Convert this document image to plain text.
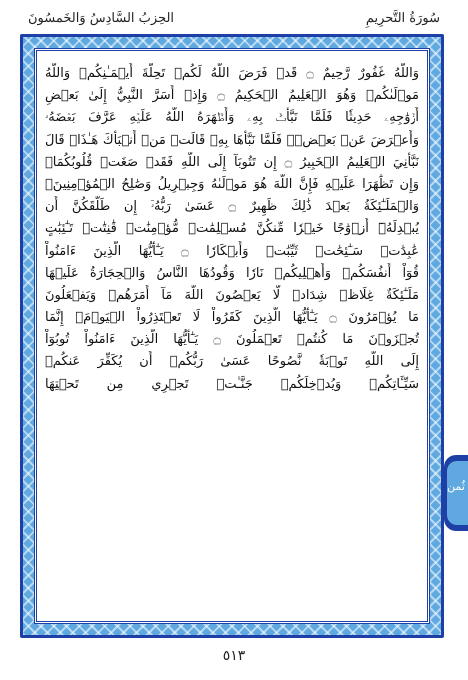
سُورَةُ التَّحرِيمِ
الحِزبُ السَّادِسُ وَالخَمسُونَ
وَاللَّهُ غَفُورٌ رَّحِيمٌ ۝ قَدۡ فَرَضَ اللَّهُ لَكُمۡ تَحِلَّةَ أَيۡمَـٰنِكُمۡ وَاللَّهُ
مَوۡلَىٰكُمۡ وَهُوَ الۡعَلِيمُ الۡحَكِيمُ ۝ وَإِذۡ أَسَرَّ النَّبِيُّ إِلَىٰ بَعۡضِ
أَزۡوَٰجِهِۦ حَدِيثٗا فَلَمَّا نَبَّأَتۡ بِهِۦ وَأَظۡهَرَهُ اللَّهُ عَلَيۡهِ عَرَّفَ بَعۡضَهُۥ
وَأَعۡرَضَ عَنۢ بَعۡضٖۖ فَلَمَّا نَبَّأَهَا بِهِۦ قَالَتۡ مَنۡ أَنۢبَأَكَ هَـٰذَاۖ قَالَ
نَبَّأَنِيَ الۡعَلِيمُ الۡخَبِيرُ ۝ إِن تَتُوبَآ إِلَى اللَّهِ فَقَدۡ صَغَتۡ قُلُوبُكُمَاۖ
وَإِن تَظَٰهَرَا عَلَيۡهِ فَإِنَّ اللَّهَ هُوَ مَوۡلَىٰهُ وَجِبۡرِيلُ وَصَٰلِحُ الۡمُؤۡمِنِينَۖ
وَالۡمَلَـٰٓئِكَةُ بَعۡدَ ذَٰلِكَ ظَهِيرٌ ۝ عَسَىٰ رَبُّهُۥٓ إِن طَلَّقَكُنَّ أَن
يُبۡدِلَهُۥٓ أَزۡوَٰجًا خَيۡرٗا مِّنكُنَّ مُسۡلِمَٰتٖ مُّؤۡمِنَٰتٖ قَٰنِتَٰتٖ تَـٰٓئِبَٰتٍ
عَٰبِدَٰتٖ سَـٰٓئِحَٰتٖ ثَيِّبَٰتٖ وَأَبۡكَارٗا ۝ يَـٰٓأَيُّهَا الَّذِينَ ءَامَنُواْ
قُوٓاْ أَنفُسَكُمۡ وَأَهۡلِيكُمۡ نَارٗا وَقُودُهَا النَّاسُ وَالۡحِجَارَةُ عَلَيۡهَا
مَلَـٰٓئِكَةٌ غِلَاظٞ شِدَادٞ لَّا يَعۡصُونَ اللَّهَ مَآ أَمَرَهُمۡ وَيَفۡعَلُونَ
مَا يُؤۡمَرُونَ ۝ يَـٰٓأَيُّهَا الَّذِينَ كَفَرُواْ لَا تَعۡتَذِرُواْ الۡيَوۡمَۖ إِنَّمَا
تُجۡزَوۡنَ مَا كُنتُمۡ تَعۡمَلُونَ ۝ يَـٰٓأَيُّهَا الَّذِينَ ءَامَنُواْ تُوبُوٓاْ
إِلَى اللَّهِ تَوۡبَةٗ نَّصُوحًا عَسَىٰ رَبُّكُمۡ أَن يُكَفِّرَ عَنكُمۡ
سَيِّـَٔاتِكُمۡ وَيُدۡخِلَكُمۡ جَنَّـٰتٖ تَجۡرِي مِن تَحۡتِهَا
ثُمن
٥١٣
